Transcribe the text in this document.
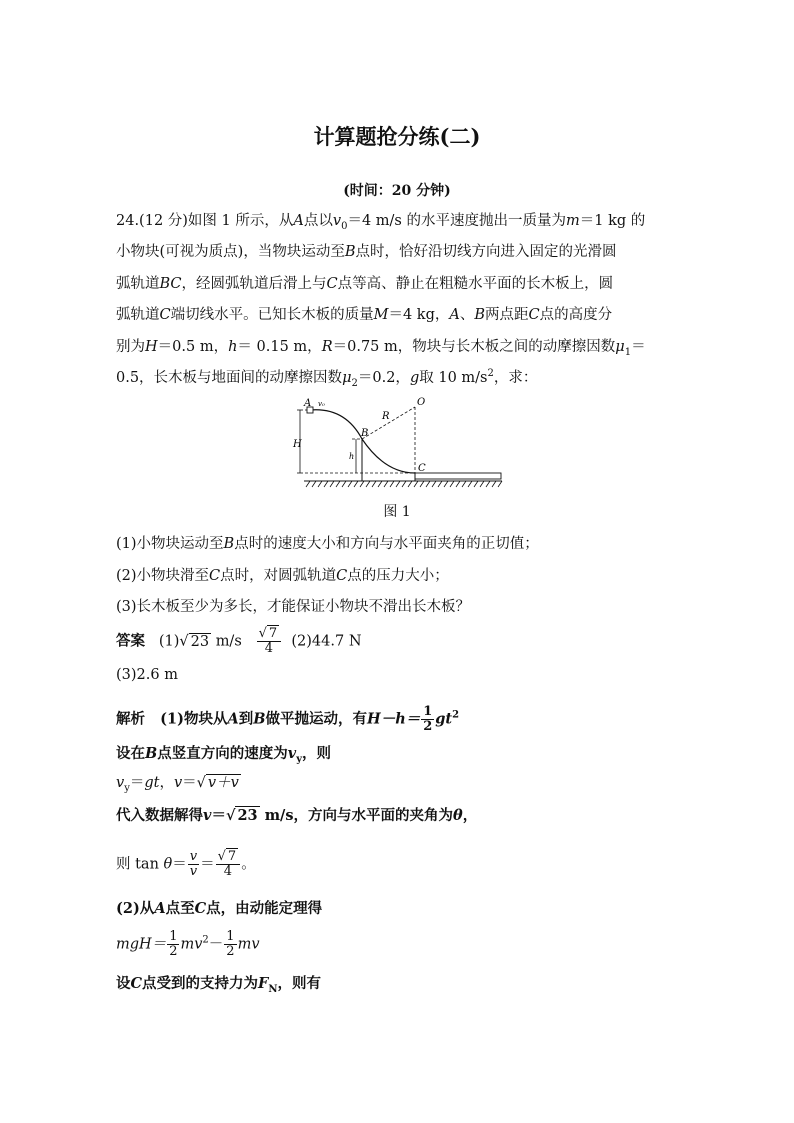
计算题抢分练(二)
(时间：20 分钟)
24.(12 分)如图 1 所示，从A点以$v_0=4$ m/s 的水平速度抛出一质量为m＝1 kg 的
小物块(可视为质点)，当物块运动至B点时，恰好沿切线方向进入固定的光滑圆
弧轨道BC，经圆弧轨道后滑上与C点等高、静止在粗糙水平面的长木板上，圆
弧轨道C端切线水平。已知长木板的质量M＝4 kg，A、B两点距C点的高度分
别为H＝0.5 m，h＝ 0.15 m，R＝0.75 m，物块与长木板之间的动摩擦因数$\mu_1=$
0.5，长木板与地面间的动摩擦因数$\mu_2=0.2$，g取 10 $m/s^2$，求：
A v₀
B
C
O
R
H
h
图 1
(1)小物块运动至B点时的速度大小和方向与水平面夹角的正切值；
(2)小物块滑至C点时，对圆弧轨道C点的压力大小；
(3)长木板至少为多长，才能保证小物块不滑出长木板？
答案 (1)√ 23 $m/s \frac{√ 7}{4} (2)44.7$ N
(3)2.6 m
解析 (1)物块从A到B做平抛运动，有$H-h= \frac{1}{2} gt^2$
设在B点竖直方向的速度为$v_y$，则
$v_y=gt$，v＝√ v＋v
代入数据解得v＝√ 23 m/s，方向与水平面的夹角为θ，
则 $\tan \theta= \frac{v}{v} = \frac{√ 7}{4}$ 。
(2)从A点至C点，由动能定理得
$mgH= \frac{1}{2} mv^2- \frac{1}{2}$ mv
设C点受到的支持力为$F_N$，则有
